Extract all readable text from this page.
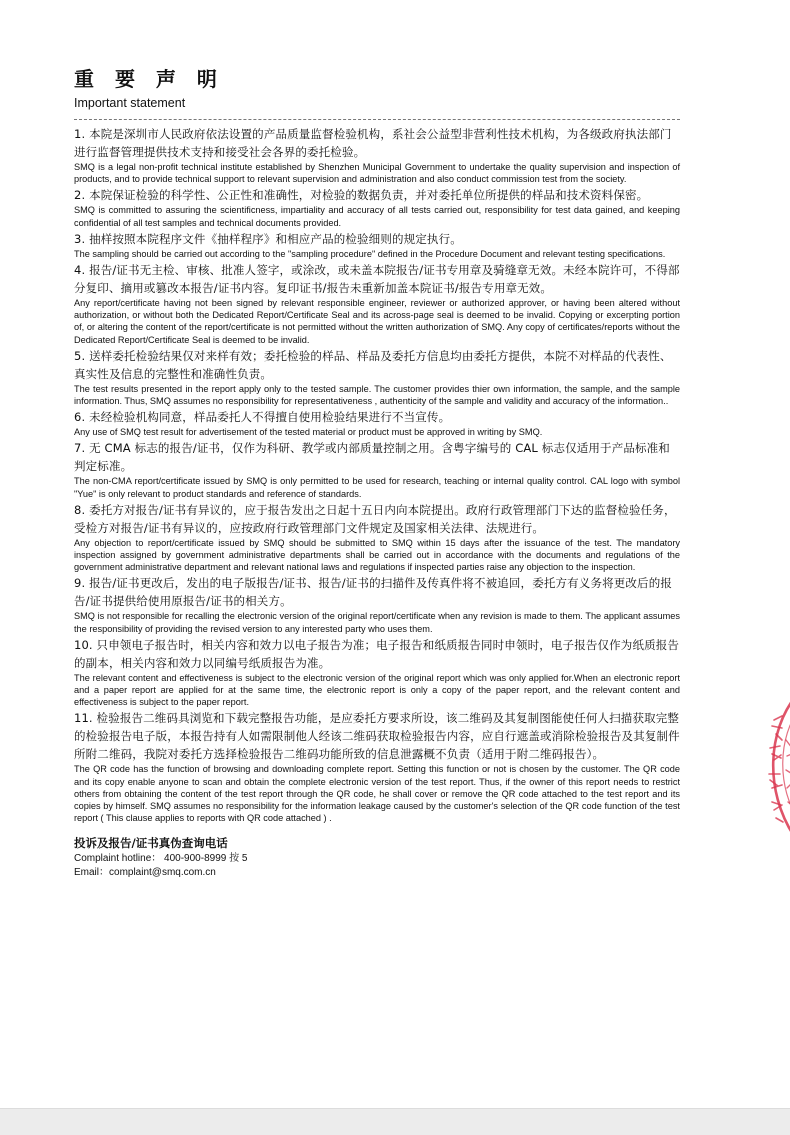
重 要 声 明

Important statement

1. 本院是深圳市人民政府依法设置的产品质量监督检验机构，系社会公益型非营利性技术机构，为各级政府执法部门进行监督管理提供技术支持和接受社会各界的委托检验。

SMQ is a legal non-profit technical institute established by Shenzhen Municipal Government to undertake the quality supervision and inspection of products, and to provide technical support to relevant supervision and administration and also conduct commission test from the society.

2. 本院保证检验的科学性、公正性和准确性，对检验的数据负责，并对委托单位所提供的样品和技术资料保密。

SMQ is committed to assuring the scientificness, impartiality and accuracy of all tests carried out, responsibility for test data gained, and keeping confidential of all test samples and technical documents provided.

3. 抽样按照本院程序文件《抽样程序》和相应产品的检验细则的规定执行。

The sampling should be carried out according to the "sampling procedure" defined in the Procedure Document and relevant testing specifications.

4. 报告/证书无主检、审核、批准人签字，或涂改，或未盖本院报告/证书专用章及骑缝章无效。未经本院许可，不得部分复印、摘用或篡改本报告/证书内容。复印证书/报告未重新加盖本院证书/报告专用章无效。

Any report/certificate having not been signed by relevant responsible engineer, reviewer or authorized approver, or having been altered without authorization, or without both the Dedicated Report/Certificate Seal and its across-page seal is deemed to be invalid. Copying or excerpting portion of, or altering the content of the report/certificate is not permitted without the written authorization of SMQ. Any copy of certificates/reports without the Dedicated Report/Certificate Seal is deemed to be invalid.

5. 送样委托检验结果仅对来样有效；委托检验的样品、样品及委托方信息均由委托方提供，本院不对样品的代表性、真实性及信息的完整性和准确性负责。

The test results presented in the report apply only to the tested sample. The customer provides thier own information, the sample, and the sample information. Thus, SMQ assumes no responsibility for representativeness , authenticity of the sample and validity and accuracy of the information..

6. 未经检验机构同意，样品委托人不得擅自使用检验结果进行不当宣传。

Any use of SMQ test result for advertisement of the tested material or product must be approved in writing by SMQ.

7. 无 CMA 标志的报告/证书，仅作为科研、教学或内部质量控制之用。含粤字编号的 CAL 标志仅适用于产品标准和判定标准。

The non-CMA report/certificate issued by SMQ is only permitted to be used for research, teaching or internal quality control. CAL logo with symbol "Yue" is only relevant to product standards and reference of standards.

8. 委托方对报告/证书有异议的，应于报告发出之日起十五日内向本院提出。政府行政管理部门下达的监督检验任务，受检方对报告/证书有异议的，应按政府行政管理部门文件规定及国家相关法律、法规进行。

Any objection to report/certificate issued by SMQ should be submitted to SMQ within 15 days after the issuance of the test. The mandatory inspection assigned by government administrative departments shall be carried out in accordance with the documents and regulations of the government administrative department and relevant national laws and regulations if inspected parties raise any objection to the inspection.

9. 报告/证书更改后，发出的电子版报告/证书、报告/证书的扫描件及传真件将不被追回，委托方有义务将更改后的报告/证书提供给使用原报告/证书的相关方。

SMQ is not responsible for recalling the electronic version of the original report/certificate when any revision is made to them. The applicant assumes the responsibility of providing the revised version to any interested party who uses them.

10. 只申领电子报告时，相关内容和效力以电子报告为准；电子报告和纸质报告同时申领时，电子报告仅作为纸质报告的副本，相关内容和效力以同编号纸质报告为准。

The relevant content and effectiveness is subject to the electronic version of the original report which was only applied for.When an electronic report and a paper report are applied for at the same time, the electronic report is only a copy of the paper report, and the relevant content and effectiveness is subject to the paper report.

11. 检验报告二维码具浏览和下载完整报告功能，是应委托方要求所设，该二维码及其复制图能使任何人扫描获取完整的检验报告电子版，本报告持有人如需限制他人经该二维码获取检验报告内容，应自行遮盖或消除检验报告及其复制件所附二维码，我院对委托方选择检验报告二维码功能所致的信息泄露概不负责（适用于附二维码报告）。

The QR code has the function of browsing and downloading complete report. Setting this function or not is chosen by the customer. The QR code and its copy enable anyone to scan and obtain the complete electronic version of the test report. Thus, if the owner of this report needs to restrict others from obtaining the content of the test report through the QR code, he shall cover or remove the QR code attached to the test report and its copies by himself. SMQ assumes no responsibility for the information leakage caused by the customer's selection of the QR code function of the test report ( This clause applies to reports with QR code attached ) .

投诉及报告/证书真伪查询电话

Complaint hotline： 400-900-8999 按 5

Email：complaint@smq.com.cn
